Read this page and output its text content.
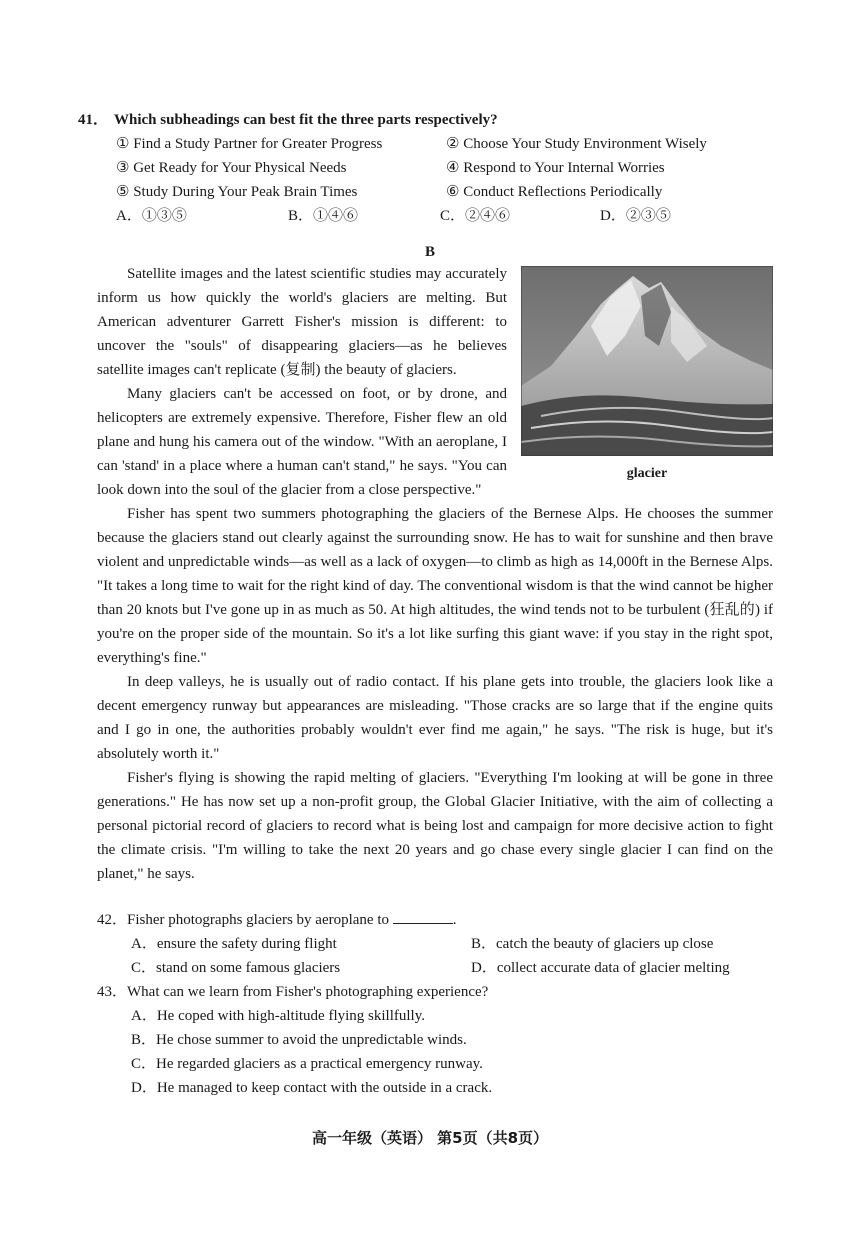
41． Which subheadings can best fit the three parts respectively?
① Find a Study Partner for Greater Progress	② Choose Your Study Environment Wisely
③ Get Ready for Your Physical Needs	④ Respond to Your Internal Worries
⑤ Study During Your Peak Brain Times	⑥ Conduct Reflections Periodically
A．①③⑤	B．①④⑥	C．②④⑥	D．②③⑤
B
glacier

Satellite images and the latest scientific studies may accurately inform us how quickly the world's glaciers are melting. But American adventurer Garrett Fisher's mission is different: to uncover the "souls" of disappearing glaciers—as he believes satellite images can't replicate (复制) the beauty of glaciers.

Many glaciers can't be accessed on foot, or by drone, and helicopters are extremely expensive. Therefore, Fisher flew an old plane and hung his camera out of the window. "With an aeroplane, I can 'stand' in a place where a human can't stand," he says. "You can look down into the soul of the glacier from a close perspective."

Fisher has spent two summers photographing the glaciers of the Bernese Alps. He chooses the summer because the glaciers stand out clearly against the surrounding snow. He has to wait for sunshine and then brave violent and unpredictable winds—as well as a lack of oxygen—to climb as high as 14,000ft in the Bernese Alps. "It takes a long time to wait for the right kind of day. The conventional wisdom is that the wind cannot be higher than 20 knots but I've gone up in as much as 50. At high altitudes, the wind tends not to be turbulent (狂乱的) if you're on the proper side of the mountain. So it's a lot like surfing this giant wave: if you stay in the right spot, everything's fine."

In deep valleys, he is usually out of radio contact. If his plane gets into trouble, the glaciers look like a decent emergency runway but appearances are misleading. "Those cracks are so large that if the engine quits and I go in one, the authorities probably wouldn't ever find me again," he says. "The risk is huge, but it's absolutely worth it."

Fisher's flying is showing the rapid melting of glaciers. "Everything I'm looking at will be gone in three generations." He has now set up a non-profit group, the Global Glacier Initiative, with the aim of collecting a personal pictorial record of glaciers to record what is being lost and campaign for more decisive action to fight the climate crisis. "I'm willing to take the next 20 years and go chase every single glacier I can find on the planet," he says.

42．Fisher photographs glaciers by aeroplane to	.
A．ensure the safety during flight	B．catch the beauty of glaciers up close
C．stand on some famous glaciers	D．collect accurate data of glacier melting
43．What can we learn from Fisher's photographing experience?
A．He coped with high-altitude flying skillfully.
B．He chose summer to avoid the unpredictable winds.
C．He regarded glaciers as a practical emergency runway.
D．He managed to keep contact with the outside in a crack.
高一年级（英语） 第5页（共8页）
